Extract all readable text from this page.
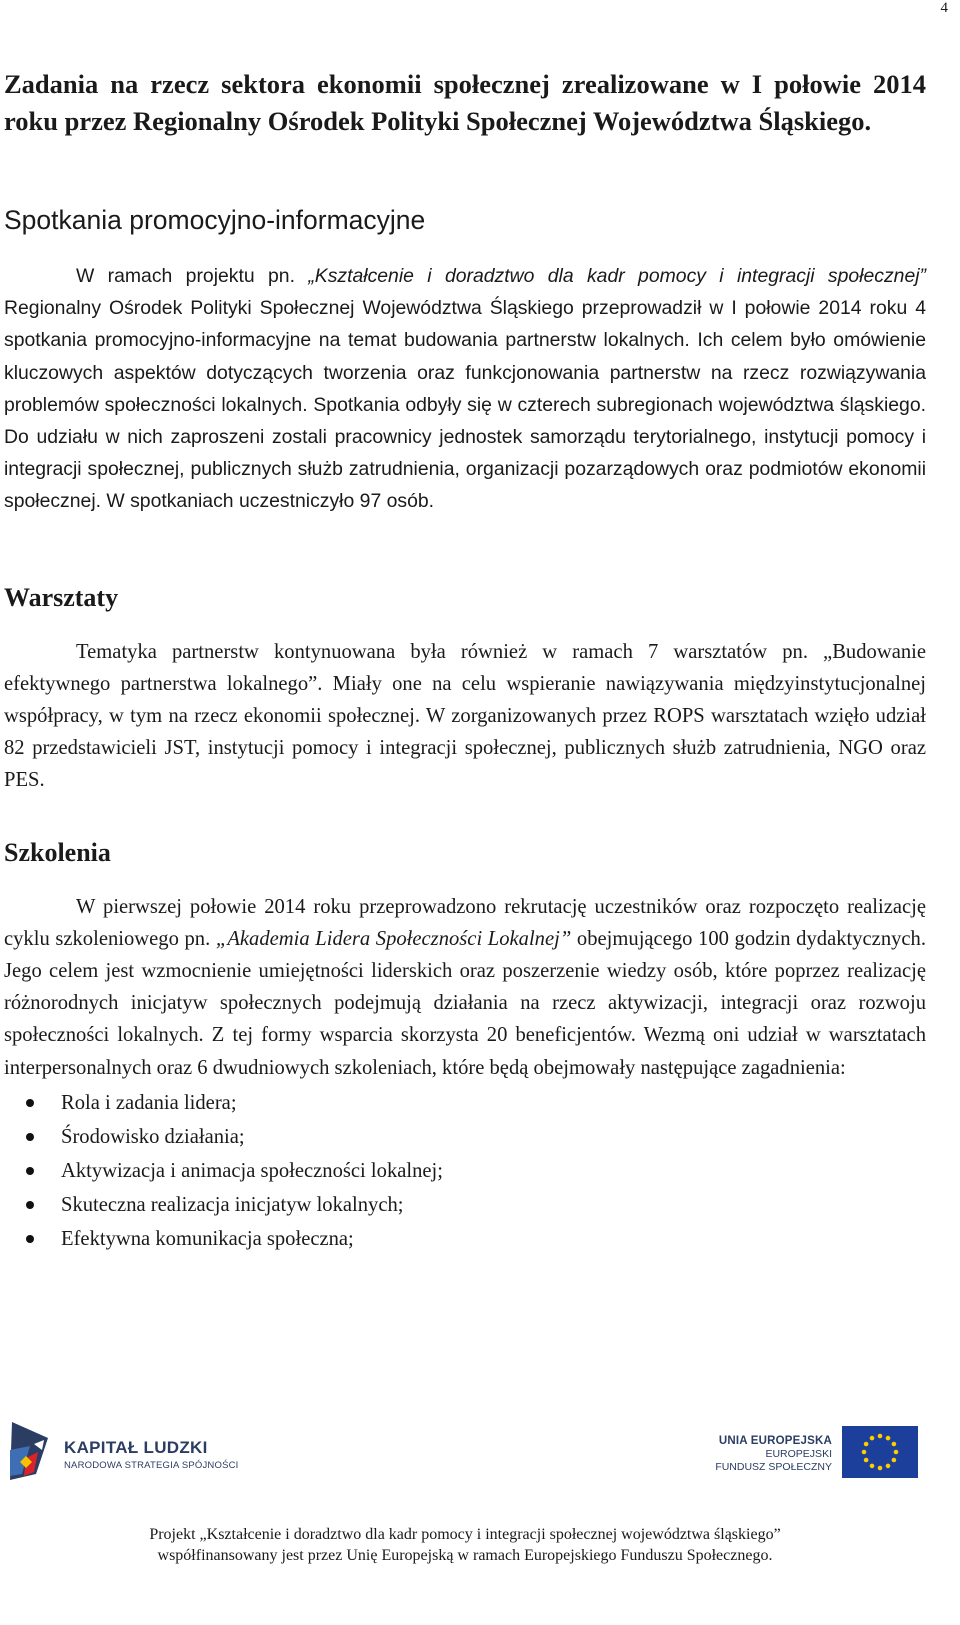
4
Zadania na rzecz sektora ekonomii społecznej zrealizowane w I połowie 2014 roku przez Regionalny Ośrodek Polityki Społecznej Województwa Śląskiego.
Spotkania promocyjno-informacyjne

W ramach projektu pn. „Kształcenie i doradztwo dla kadr pomocy i integracji społecznej” Regionalny Ośrodek Polityki Społecznej Województwa Śląskiego przeprowadził w I połowie 2014 roku 4 spotkania promocyjno-informacyjne na temat budowania partnerstw lokalnych. Ich celem było omówienie kluczowych aspektów dotyczących tworzenia oraz funkcjonowania partnerstw na rzecz rozwiązywania problemów społeczności lokalnych. Spotkania odbyły się w czterech subregionach województwa śląskiego. Do udziału w nich zaproszeni zostali pracownicy jednostek samorządu terytorialnego, instytucji pomocy i integracji społecznej, publicznych służb zatrudnienia, organizacji pozarządowych oraz podmiotów ekonomii społecznej. W spotkaniach uczestniczyło 97 osób.

Warsztaty

Tematyka partnerstw kontynuowana była również w ramach 7 warsztatów pn. „Budowanie efektywnego partnerstwa lokalnego”. Miały one na celu wspieranie nawiązywania międzyinstytucjonalnej współpracy, w tym na rzecz ekonomii społecznej. W zorganizowanych przez ROPS warsztatach wzięło udział 82 przedstawicieli JST, instytucji pomocy i integracji społecznej, publicznych służb zatrudnienia, NGO oraz PES.

Szkolenia

W pierwszej połowie 2014 roku przeprowadzono rekrutację uczestników oraz rozpoczęto realizację cyklu szkoleniowego pn. „Akademia Lidera Społeczności Lokalnej” obejmującego 100 godzin dydaktycznych. Jego celem jest wzmocnienie umiejętności liderskich oraz poszerzenie wiedzy osób, które poprzez realizację różnorodnych inicjatyw społecznych podejmują działania na rzecz aktywizacji, integracji oraz rozwoju społeczności lokalnych. Z tej formy wsparcia skorzysta 20 beneficjentów. Wezmą oni udział w warsztatach interpersonalnych oraz 6 dwudniowych szkoleniach, które będą obejmowały następujące zagadnienia:

Rola i zadania lidera;
Środowisko działania;
Aktywizacja i animacja społeczności lokalnej;
Skuteczna realizacja inicjatyw lokalnych;
Efektywna komunikacja społeczna;
KAPITAŁ LUDZKI
NARODOWA STRATEGIA SPÓJNOŚCI
UNIA EUROPEJSKA
EUROPEJSKI
FUNDUSZ SPOŁECZNY
Projekt „Kształcenie i doradztwo dla kadr pomocy i integracji społecznej województwa śląskiego”
współfinansowany jest przez Unię Europejską w ramach Europejskiego Funduszu Społecznego.
